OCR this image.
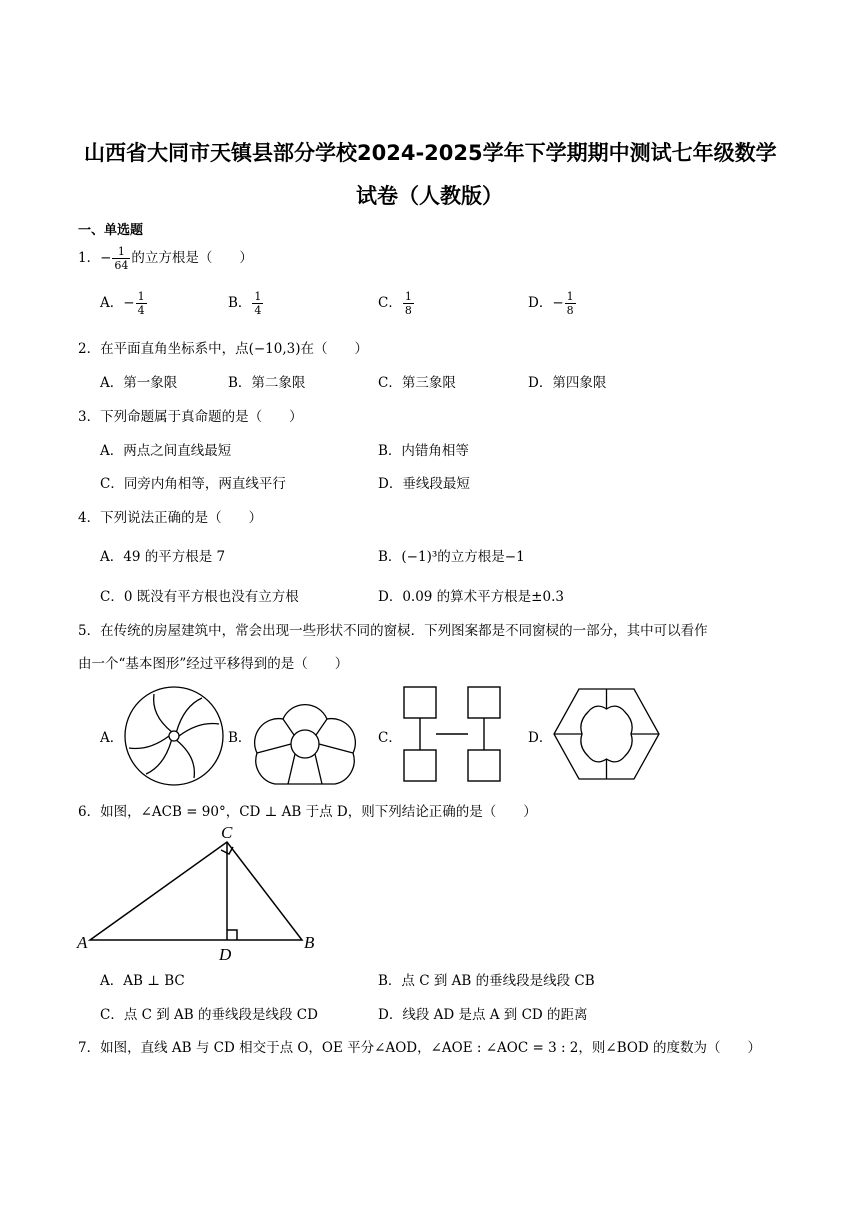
山西省大同市天镇县部分学校2024-2025学年下学期期中测试七年级数学
试卷（人教版）
一、单选题
1．− $\frac{1}{64}$ 的立方根是（　　）
A．− $\frac{1}{4}$	B． $\frac{1}{4}$	C． $\frac{1}{8}$	D．− $\frac{1}{8}$
2．在平面直角坐标系中，点(−10,3)在（　　）
A．第一象限	B．第二象限	C．第三象限	D．第四象限
3．下列命题属于真命题的是（　　）
A．两点之间直线最短	B．内错角相等
C．同旁内角相等，两直线平行	D．垂线段最短
4．下列说法正确的是（　　）
A．49 的平方根是 7	B．(−1)³的立方根是−1
C．0 既没有平方根也没有立方根	D．0.09 的算术平方根是±0.3
5．在传统的房屋建筑中，常会出现一些形状不同的窗棂．下列图案都是不同窗棂的一部分，其中可以看作
由一个“基本图形”经过平移得到的是（　　）
A．	B．	C．	D．
6．如图，∠ACB = 90°，CD ⊥ AB 于点 D，则下列结论正确的是（　　）
C
A	B
D
A．AB ⊥ BC	B．点 C 到 AB 的垂线段是线段 CB
C．点 C 到 AB 的垂线段是线段 CD	D．线段 AD 是点 A 到 CD 的距离
7．如图，直线 AB 与 CD 相交于点 O，OE 平分∠AOD，∠AOE : ∠AOC = 3 : 2，则∠BOD 的度数为（　　）
